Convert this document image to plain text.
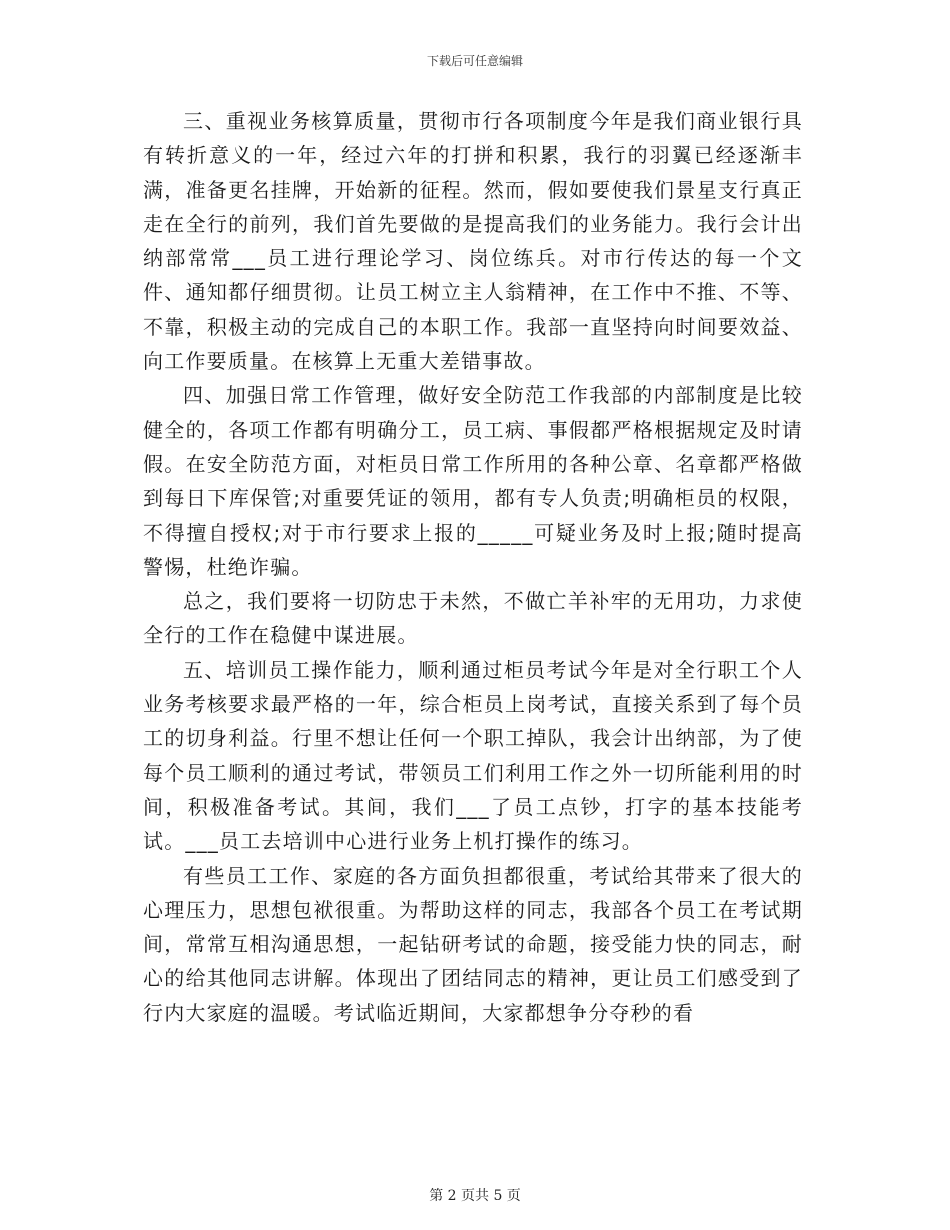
下载后可任意编辑

三、重视业务核算质量，贯彻市行各项制度今年是我们商业银行具有转折意义的一年，经过六年的打拼和积累，我行的羽翼已经逐渐丰满，准备更名挂牌，开始新的征程。然而，假如要使我们景星支行真正走在全行的前列，我们首先要做的是提高我们的业务能力。我行会计出纳部常常___员工进行理论学习、岗位练兵。对市行传达的每一个文件、通知都仔细贯彻。让员工树立主人翁精神，在工作中不推、不等、不靠，积极主动的完成自己的本职工作。我部一直坚持向时间要效益、向工作要质量。在核算上无重大差错事故。

四、加强日常工作管理，做好安全防范工作我部的内部制度是比较健全的，各项工作都有明确分工，员工病、事假都严格根据规定及时请假。在安全防范方面，对柜员日常工作所用的各种公章、名章都严格做到每日下库保管;对重要凭证的领用，都有专人负责;明确柜员的权限，不得擅自授权;对于市行要求上报的_____可疑业务及时上报;随时提高警惕，杜绝诈骗。

总之，我们要将一切防忠于未然，不做亡羊补牢的无用功，力求使全行的工作在稳健中谋进展。

五、培训员工操作能力，顺利通过柜员考试今年是对全行职工个人业务考核要求最严格的一年，综合柜员上岗考试，直接关系到了每个员工的切身利益。行里不想让任何一个职工掉队，我会计出纳部，为了使每个员工顺利的通过考试，带领员工们利用工作之外一切所能利用的时间，积极准备考试。其间，我们___了员工点钞，打字的基本技能考试。___员工去培训中心进行业务上机打操作的练习。

有些员工工作、家庭的各方面负担都很重，考试给其带来了很大的心理压力，思想包袱很重。为帮助这样的同志，我部各个员工在考试期间，常常互相沟通思想，一起钻研考试的命题，接受能力快的同志，耐心的给其他同志讲解。体现出了团结同志的精神，更让员工们感受到了行内大家庭的温暖。考试临近期间，大家都想争分夺秒的看

第 2 页共 5 页
